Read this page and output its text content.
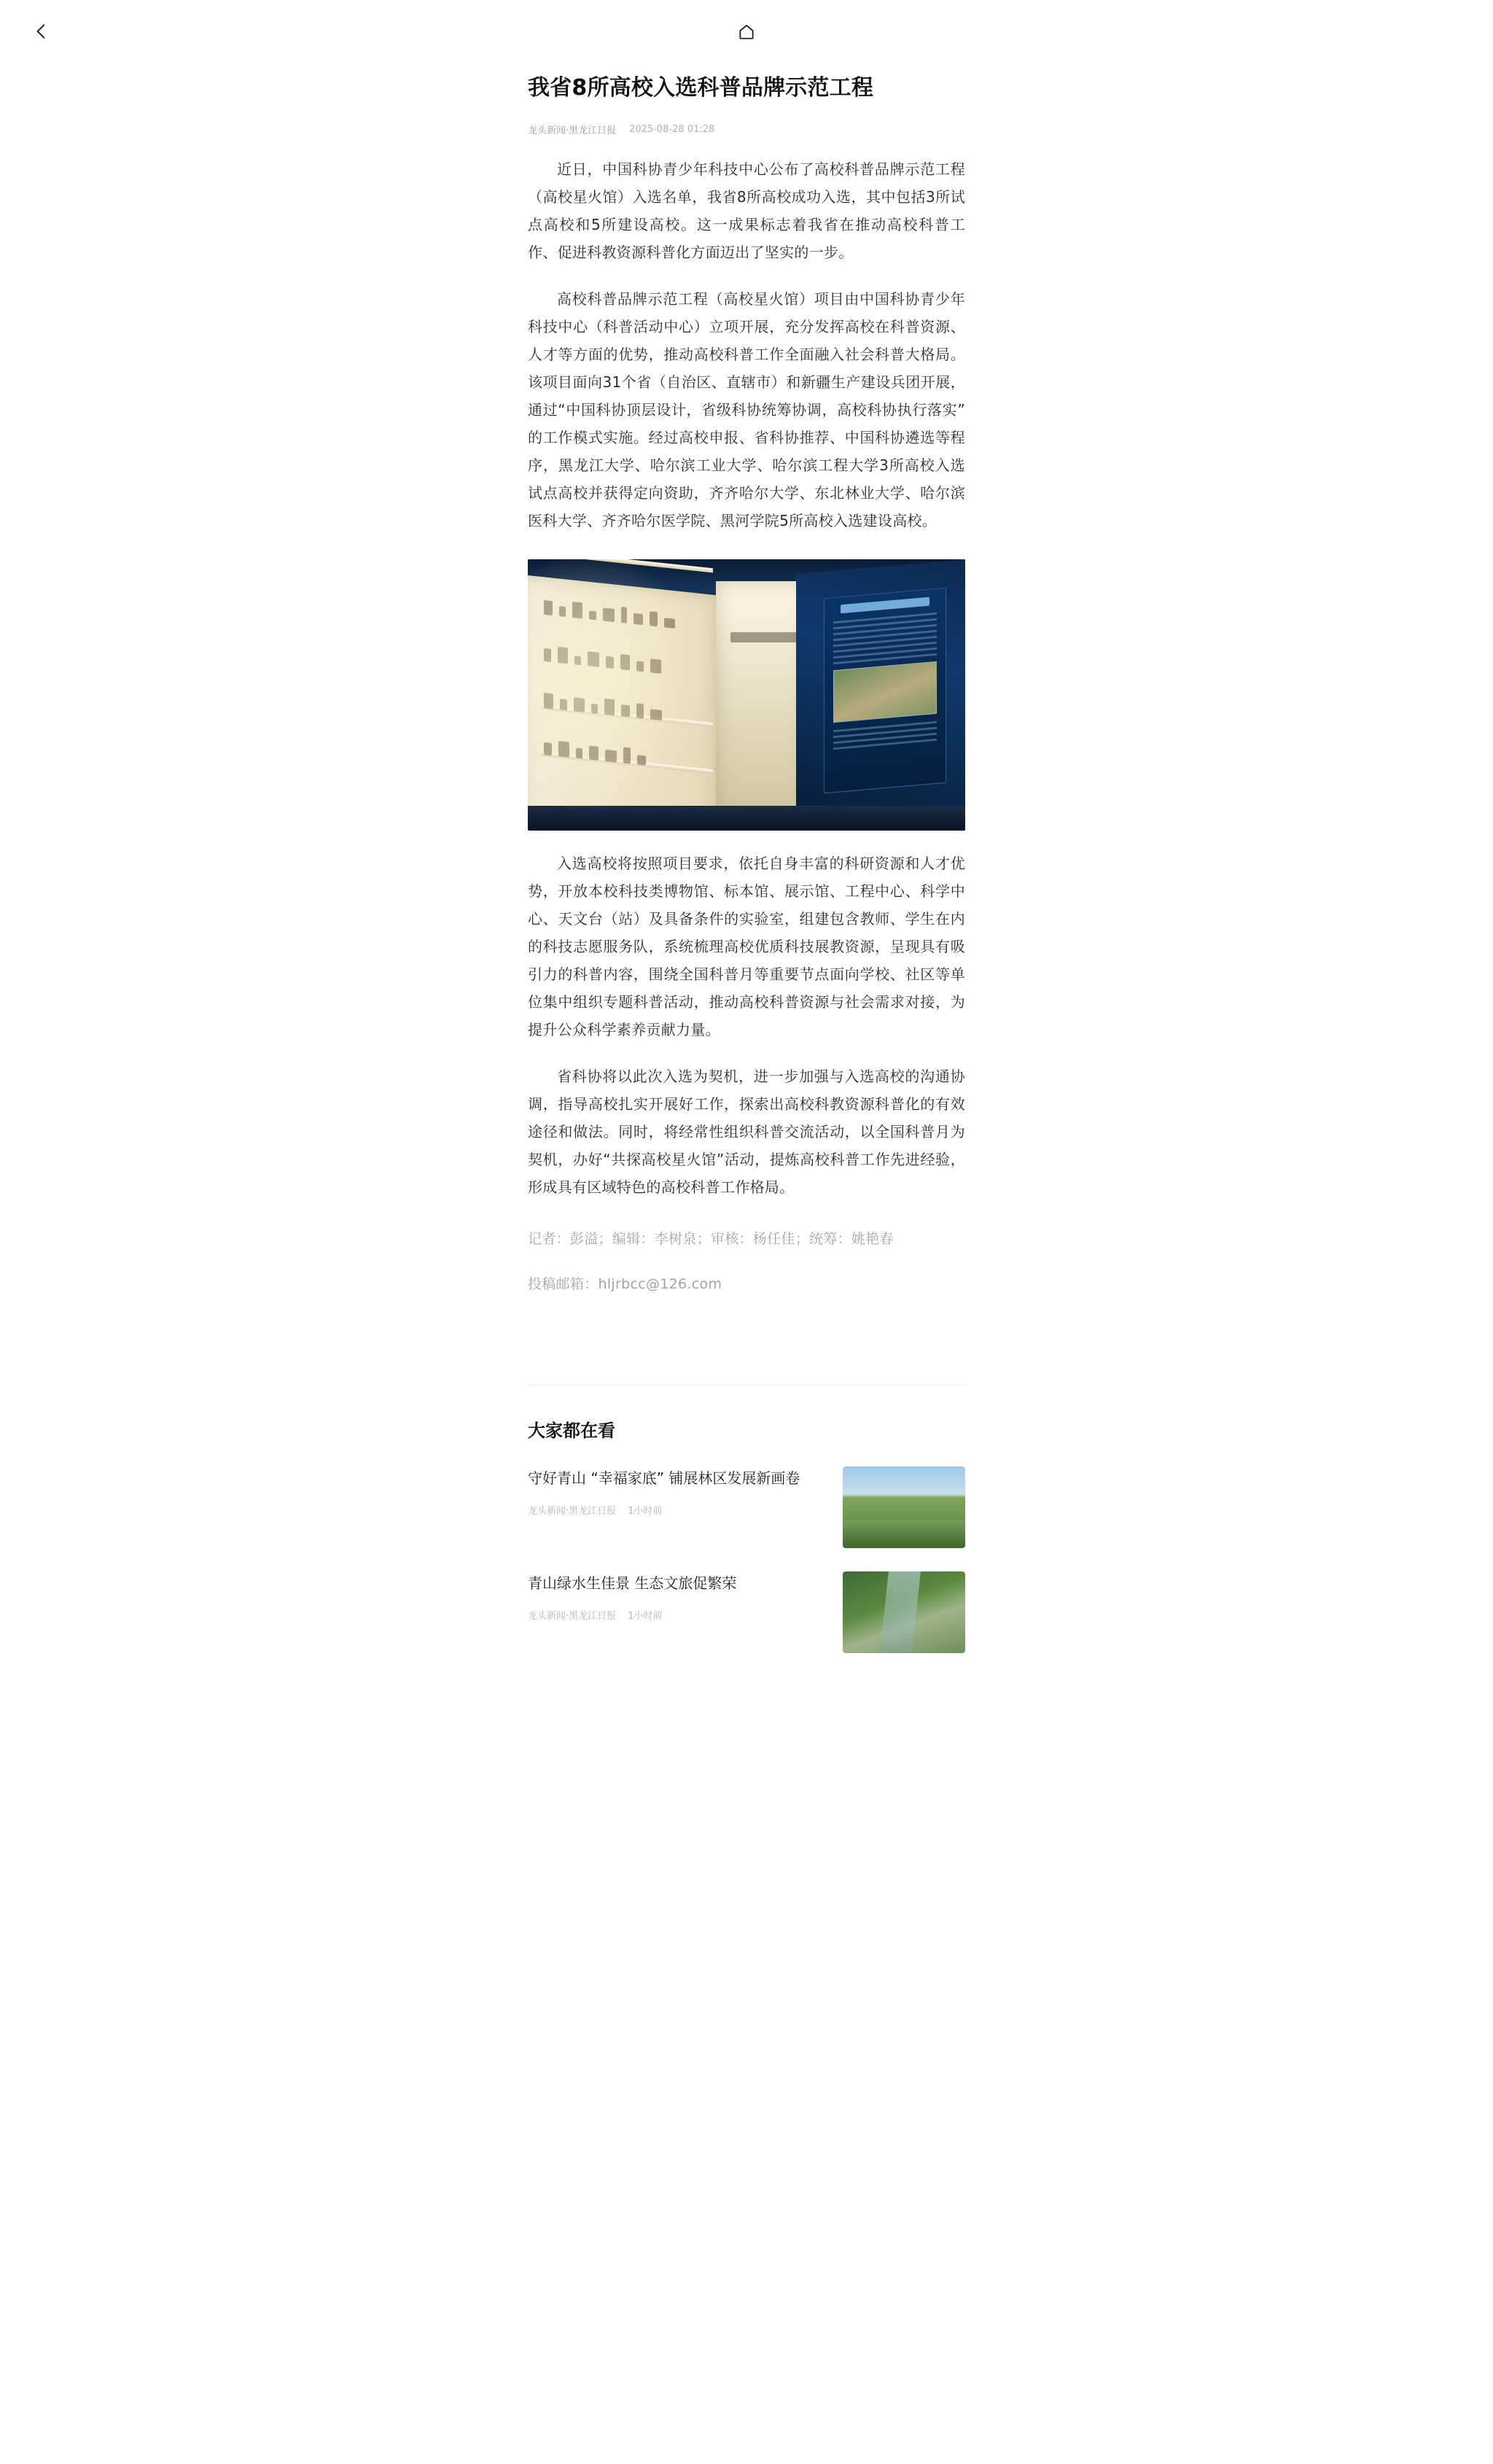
我省8所高校入选科普品牌示范工程
龙头新闻·黑龙江日报 2025-08-28 01:28

近日，中国科协青少年科技中心公布了高校科普品牌示范工程（高校星火馆）入选名单，我省8所高校成功入选，其中包括3所试点高校和5所建设高校。这一成果标志着我省在推动高校科普工作、促进科教资源科普化方面迈出了坚实的一步。

高校科普品牌示范工程（高校星火馆）项目由中国科协青少年科技中心（科普活动中心）立项开展，充分发挥高校在科普资源、人才等方面的优势，推动高校科普工作全面融入社会科普大格局。该项目面向31个省（自治区、直辖市）和新疆生产建设兵团开展，通过“中国科协顶层设计，省级科协统筹协调，高校科协执行落实”的工作模式实施。经过高校申报、省科协推荐、中国科协遴选等程序，黑龙江大学、哈尔滨工业大学、哈尔滨工程大学3所高校入选试点高校并获得定向资助，齐齐哈尔大学、东北林业大学、哈尔滨医科大学、齐齐哈尔医学院、黑河学院5所高校入选建设高校。

入选高校将按照项目要求，依托自身丰富的科研资源和人才优势，开放本校科技类博物馆、标本馆、展示馆、工程中心、科学中心、天文台（站）及具备条件的实验室，组建包含教师、学生在内的科技志愿服务队，系统梳理高校优质科技展教资源，呈现具有吸引力的科普内容，围绕全国科普月等重要节点面向学校、社区等单位集中组织专题科普活动，推动高校科普资源与社会需求对接，为提升公众科学素养贡献力量。

省科协将以此次入选为契机，进一步加强与入选高校的沟通协调，指导高校扎实开展好工作，探索出高校科教资源科普化的有效途径和做法。同时，将经常性组织科普交流活动，以全国科普月为契机，办好“共探高校星火馆”活动，提炼高校科普工作先进经验，形成具有区域特色的高校科普工作格局。

记者：彭溢；编辑：李树泉；审核：杨任佳；统筹：姚艳春

投稿邮箱：hljrbcc@126.com

大家都在看
守好青山 “幸福家底” 铺展林区发展新画卷
龙头新闻·黑龙江日报 1小时前
青山绿水生佳景 生态文旅促繁荣
龙头新闻·黑龙江日报 1小时前
